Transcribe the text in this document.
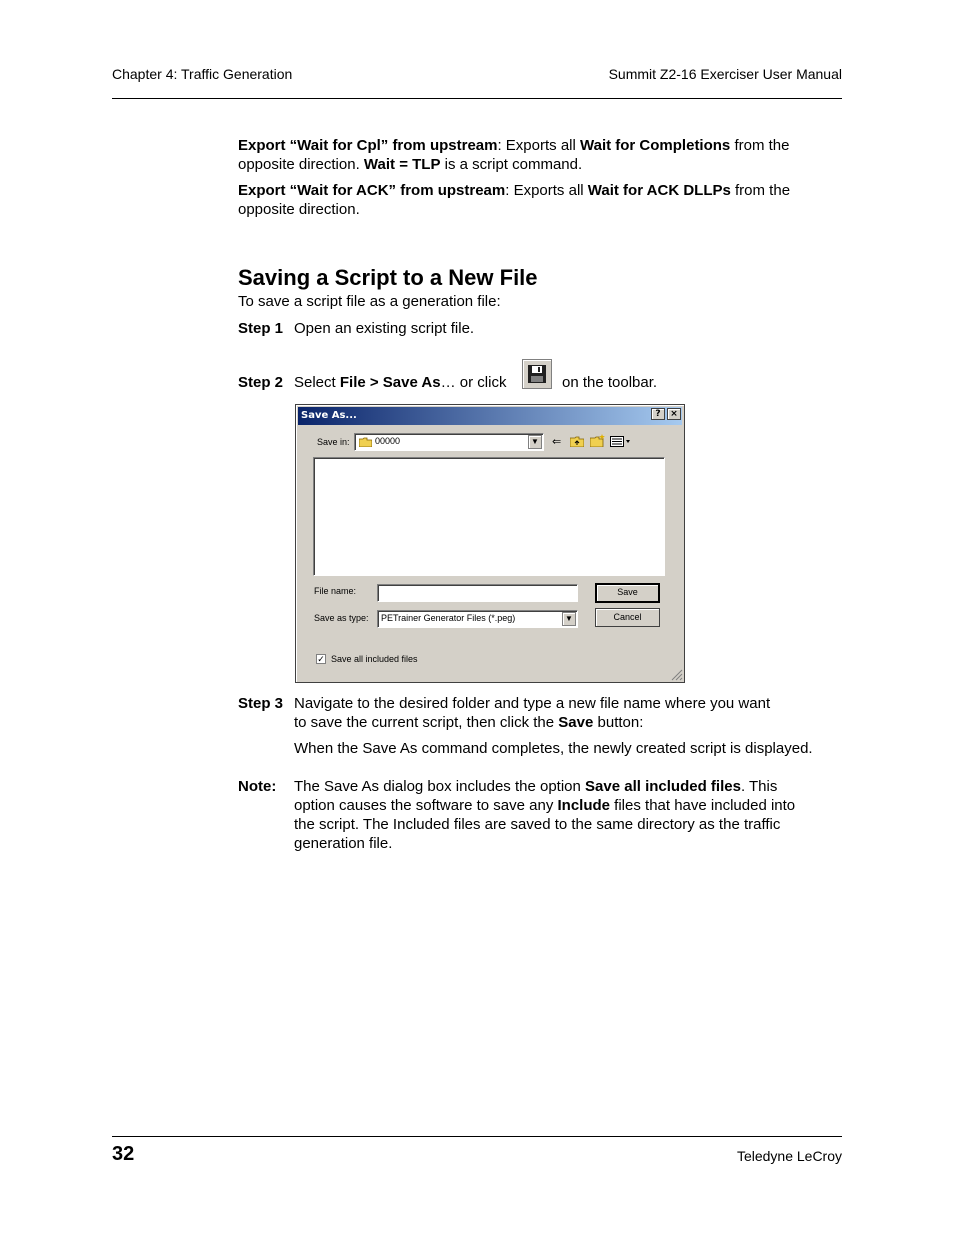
Chapter 4: Traffic Generation	Summit Z2-16 Exerciser User Manual
Export “Wait for Cpl” from upstream: Exports all Wait for Completions from the
opposite direction. Wait = TLP is a script command.
Export “Wait for ACK” from upstream: Exports all Wait for ACK DLLPs from the
opposite direction.
Saving a Script to a New File
To save a script file as a generation file:
Step 1 Open an existing script file.
Step 2 Select File > Save As… or click	on the toolbar.
Save As...	?	×
Save in:	00000	▼ ⇐
File name:
Save as type:	PETrainer Generator Files (*.peg)	▼
Save
Cancel
✓ Save all included files
Step 3 Navigate to the desired folder and type a new file name where you want
to save the current script, then click the Save button:
When the Save As command completes, the newly created script is displayed.
Note: The Save As dialog box includes the option Save all included files. This
option causes the software to save any Include files that have included into
the script. The Included files are saved to the same directory as the traffic
generation file.
32	Teledyne LeCroy
